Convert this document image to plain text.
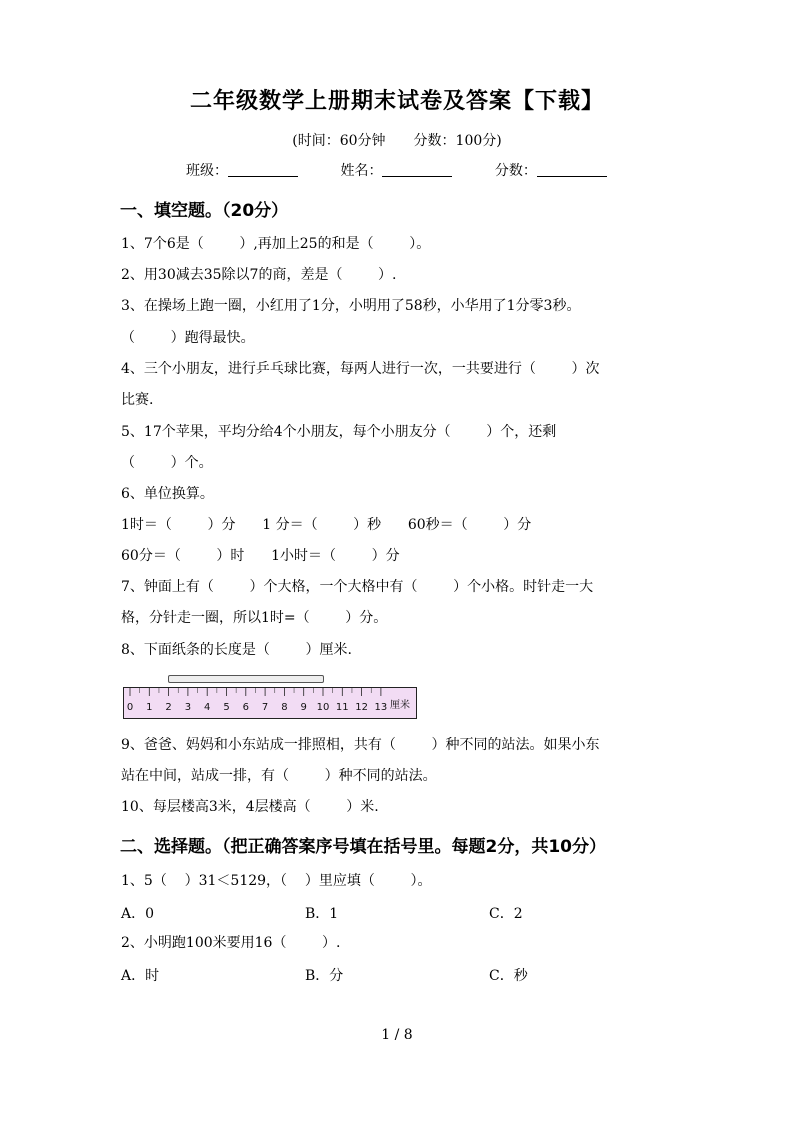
二年级数学上册期末试卷及答案【下载】
(时间：60分钟 分数：100分)
班级：	姓名：	分数：
一、填空题。（20分）
1、7个6是（        ）,再加上25的和是（        ）。
2、用30减去35除以7的商，差是（        ）.
3、在操场上跑一圈，小红用了1分，小明用了58秒，小华用了1分零3秒。
（        ）跑得最快。
4、三个小朋友，进行乒乓球比赛，每两人进行一次，一共要进行（        ）次
比赛.
5、17个苹果，平均分给4个小朋友，每个小朋友分（        ）个，还剩
（        ）个。
6、单位换算。
1时＝（        ）分      1 分＝（        ）秒      60秒＝（        ）分
60分＝（        ）时      1小时＝（        ）分
7、钟面上有（        ）个大格，一个大格中有（        ）个小格。时针走一大
格，分针走一圈，所以1时=（        ）分。
8、下面纸条的长度是（        ）厘米.
0 1 2 3 4 5 6 7 8 9 10 11 12 13 厘米
9、爸爸、妈妈和小东站成一排照相，共有（        ）种不同的站法。如果小东
站在中间，站成一排，有（        ）种不同的站法。
10、每层楼高3米，4层楼高（        ）米.
二、选择题。（把正确答案序号填在括号里。每题2分，共10分）
1、5（    ）31＜5129，（    ）里应填（        ）。
A．0	B．1	C．2
2、小明跑100米要用16（        ）.
A．时	B．分	C．秒
1 / 8
